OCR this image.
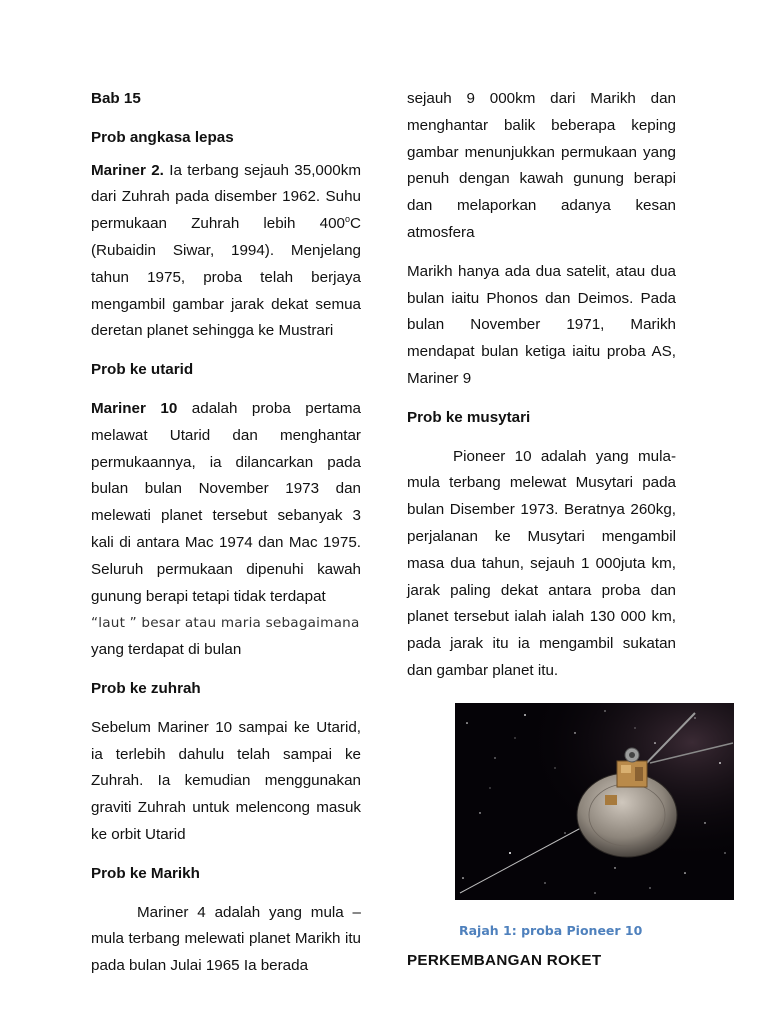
Bab 15

Prob angkasa lepas

Mariner 2. Ia terbang sejauh 35,000km dari Zuhrah pada disember 1962. Suhu permukaan Zuhrah lebih 400$^o$C (Rubaidin Siwar, 1994). Menjelang tahun 1975, proba telah berjaya mengambil gambar jarak dekat semua deretan planet sehingga ke Mustrari

Prob ke utarid

Mariner 10 adalah proba pertama melawat Utarid dan menghantar permukaannya, ia dilancarkan pada bulan bulan November 1973 dan melewati planet tersebut sebanyak 3 kali di antara Mac 1974 dan Mac 1975. Seluruh permukaan dipenuhi kawah gunung berapi tetapi tidak terdapat

“laut ” besar atau maria sebagaimana

yang terdapat di bulan

Prob ke zuhrah

Sebelum Mariner 10 sampai ke Utarid, ia terlebih dahulu telah sampai ke Zuhrah. Ia kemudian menggunakan graviti Zuhrah untuk melencong masuk ke orbit Utarid

Prob ke Marikh

Mariner 4 adalah yang mula – mula terbang melewati planet Marikh itu pada bulan Julai 1965 Ia berada

sejauh 9 000km dari Marikh dan menghantar balik beberapa keping gambar menunjukkan permukaan yang penuh dengan kawah gunung berapi dan melaporkan adanya kesan atmosfera

Marikh hanya ada dua satelit, atau dua bulan iaitu Phonos dan Deimos. Pada bulan November 1971, Marikh mendapat bulan ketiga iaitu proba AS, Mariner 9

Prob ke musytari

Pioneer 10 adalah yang mula-mula terbang melewat Musytari pada bulan Disember 1973. Beratnya 260kg, perjalanan ke Musytari mengambil masa dua tahun, sejauh 1 000juta km, jarak paling dekat antara proba dan planet tersebut ialah ialah 130 000 km, pada jarak itu ia mengambil sukatan dan gambar planet itu.

Rajah 1: proba Pioneer 10
PERKEMBANGAN ROKET
